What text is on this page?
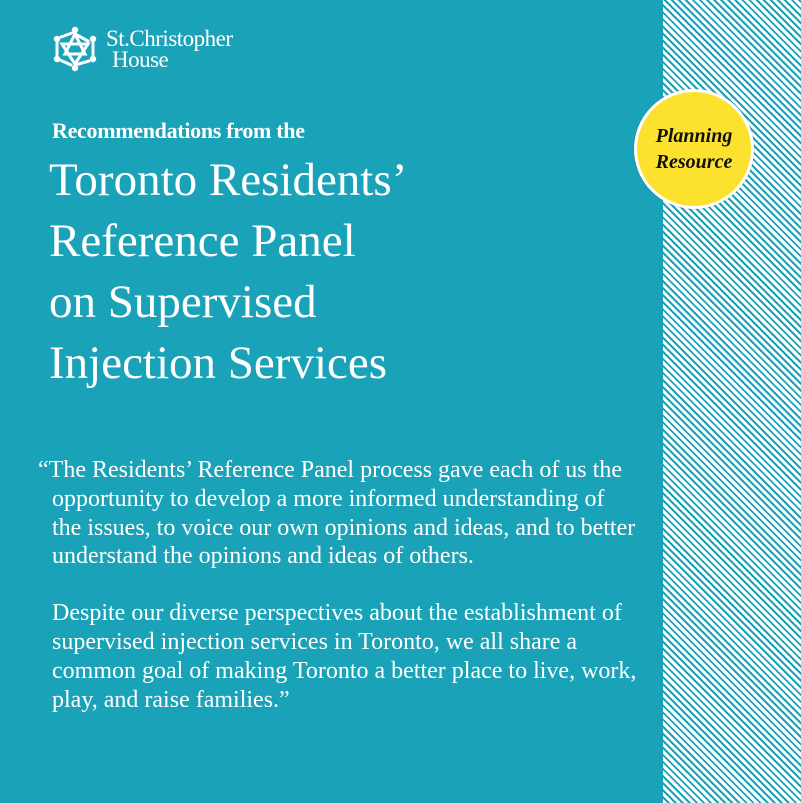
St.Christopher
House
Recommendations from the
Toronto Residents’
Reference Panel
on Supervised
Injection Services
“The Residents’ Reference Panel process gave each of us the opportunity to develop a more informed understanding of the issues, to voice our own opinions and ideas, and to better understand the opinions and ideas of others.
Despite our diverse perspectives about the establishment of supervised injection services in Toronto, we all share a common goal of making Toronto a better place to live, work, play, and raise families.”
Planning
Resource
